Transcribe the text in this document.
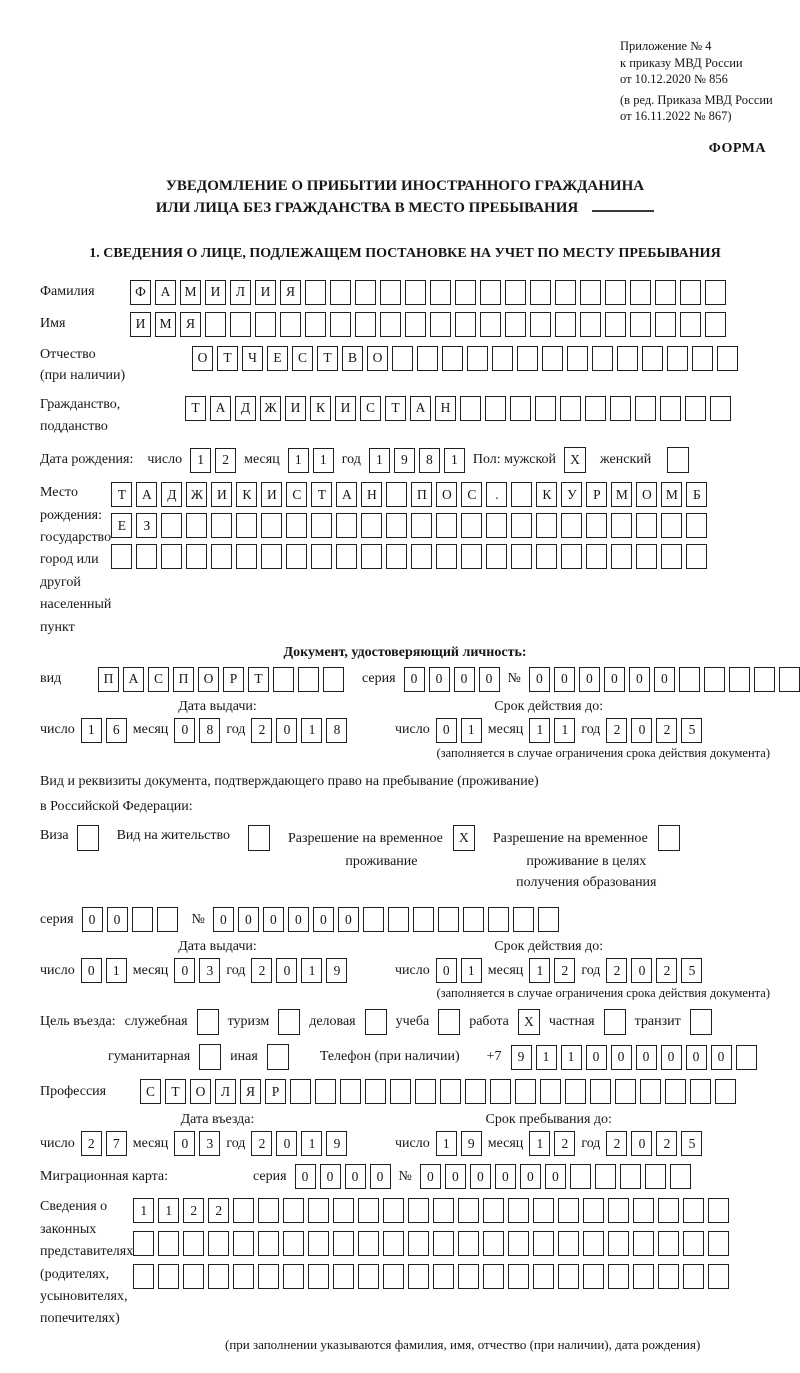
Приложение № 4
к приказу МВД России
от 10.12.2020 № 856
(в ред. Приказа МВД России
от 16.11.2022 № 867)
ФОРМА
УВЕДОМЛЕНИЕ О ПРИБЫТИИ ИНОСТРАННОГО ГРАЖДАНИНА
ИЛИ ЛИЦА БЕЗ ГРАЖДАНСТВА В МЕСТО ПРЕБЫВАНИЯ
1. СВЕДЕНИЯ О ЛИЦЕ, ПОДЛЕЖАЩЕМ ПОСТАНОВКЕ НА УЧЕТ ПО МЕСТУ ПРЕБЫВАНИЯ
Фамилия	Ф	А	М	И	Л	И	Я
Имя	И	М	Я
Отчество
(при наличии)
О	Т	Ч	Е	С	Т	В	О
Гражданство,
подданство
Т	А	Д	Ж	И	К	И	С	Т	А	Н
Дата рождения: число	1	2	месяц	1	1	год	1	9	8	1	Пол: мужской	X	женский
Место рождения:
государство
город или другой
населенный пункт
Т	А	Д	Ж	И	К	И	С	Т	А	Н	П	О	С	.	К	У	Р	М	О	М	Б

Е	З

Документ, удостоверяющий личность:
вид	П	А	С	П	О	Р	Т	серия	0	0	0	0	№	0	0	0	0	0	0
Дата выдачи:
число 1	6 месяц 0	8 год 2	0	1	8
Срок действия до:
число 0	1 месяц 1	1 год 2	0	2	5
(заполняется в случае ограничения срока действия документа)
Вид и реквизиты документа, подтверждающего право на пребывание (проживание)
в Российской Федерации:
Виза	Вид на жительство	Разрешение на временное	X
проживание
Разрешение на временное
проживание в целях
получения образования
серия	0	0	№	0	0	0	0	0	0
Дата выдачи:
число 0	1 месяц 0	3 год 2	0	1	9
Срок действия до:
число 0	1 месяц 1	2 год 2	0	2	5
(заполняется в случае ограничения срока действия документа)
Цель въезда: служебная	туризм	деловая	учеба	работа	X	частная	транзит
гуманитарная	иная	Телефон (при наличии) +7	9	1	1	0	0	0	0	0	0
Профессия	С	Т	О	Л	Я	Р
Дата въезда:
число 2	7 месяц 0	3 год 2	0	1	9
Срок пребывания до:
число 1	9 месяц 1	2 год 2	0	2	5
Миграционная карта:	серия	0	0	0	0	№	0	0	0	0	0	0
Сведения о
законных
представителях
(родителях,
усыновителях,
попечителях)
1	1	2	2

(при заполнении указываются фамилия, имя, отчество (при наличии), дата рождения)
